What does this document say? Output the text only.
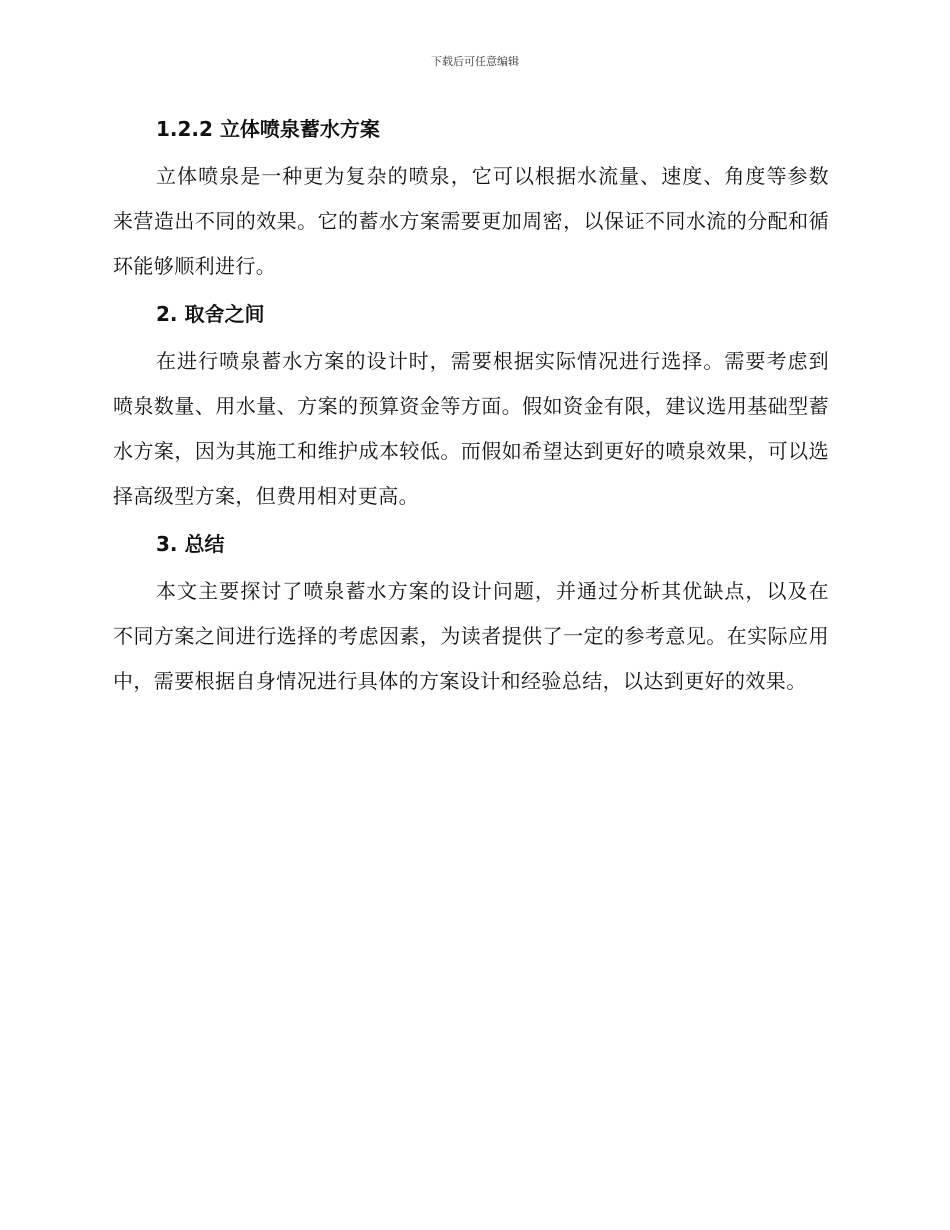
下载后可任意编辑
1.2.2 立体喷泉蓄水方案

立体喷泉是一种更为复杂的喷泉，它可以根据水流量、速度、角度等参数来营造出不同的效果。它的蓄水方案需要更加周密，以保证不同水流的分配和循环能够顺利进行。

2. 取舍之间

在进行喷泉蓄水方案的设计时，需要根据实际情况进行选择。需要考虑到喷泉数量、用水量、方案的预算资金等方面。假如资金有限，建议选用基础型蓄水方案，因为其施工和维护成本较低。而假如希望达到更好的喷泉效果，可以选择高级型方案，但费用相对更高。

3. 总结

本文主要探讨了喷泉蓄水方案的设计问题，并通过分析其优缺点，以及在不同方案之间进行选择的考虑因素，为读者提供了一定的参考意见。在实际应用中，需要根据自身情况进行具体的方案设计和经验总结，以达到更好的效果。
